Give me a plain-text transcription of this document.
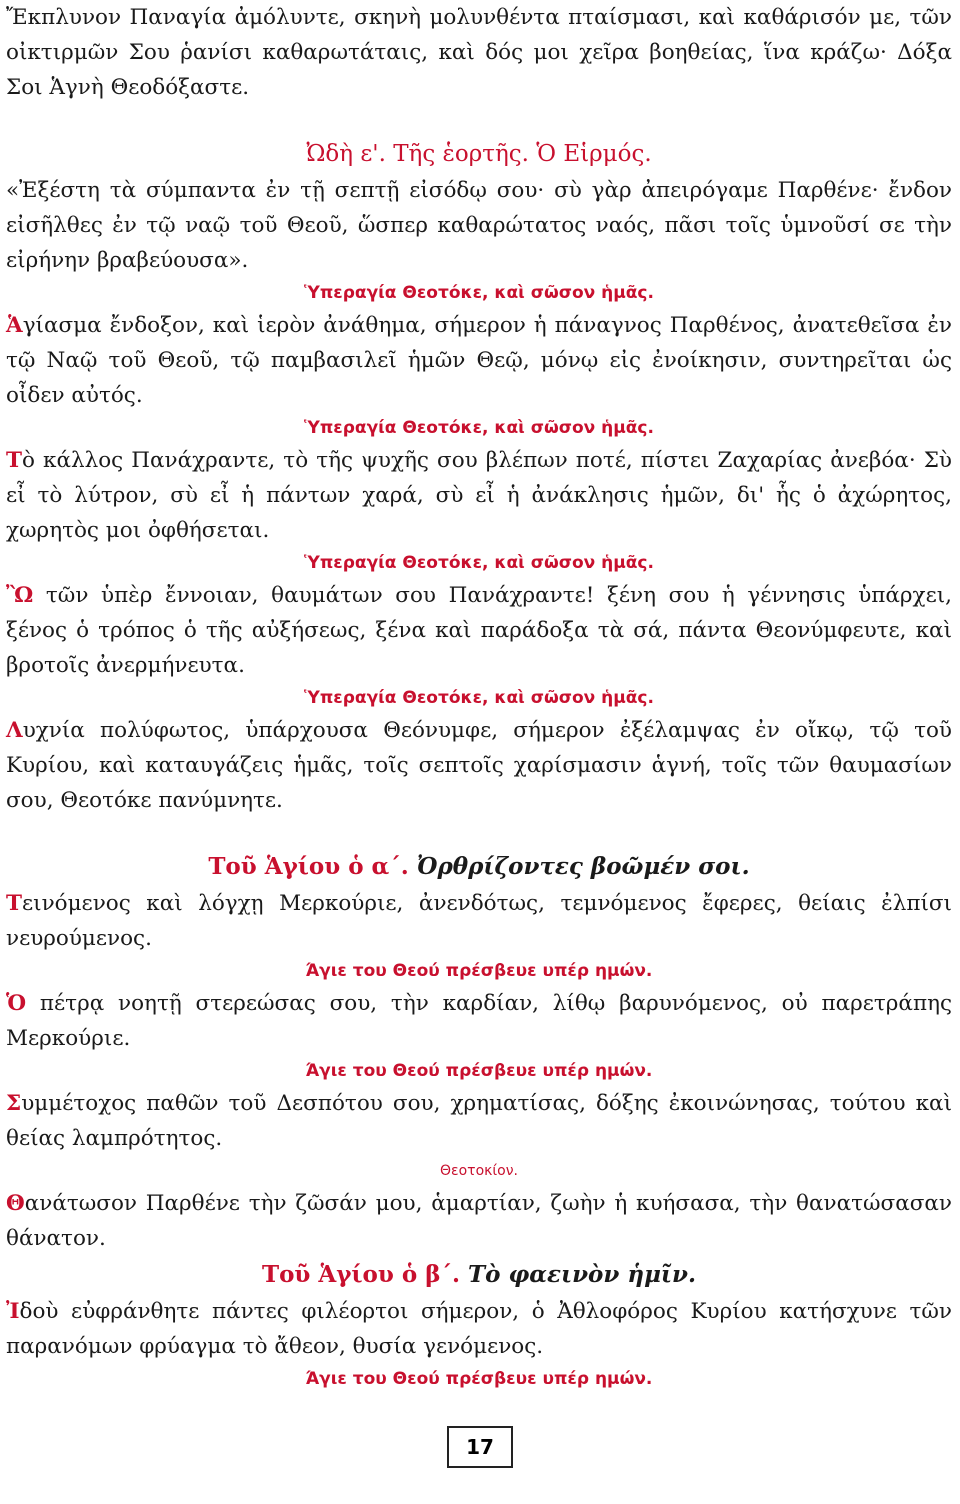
Ἔκπλυνον Παναγία ἀμόλυντε, σκηνὴ μολυνθέντα πταίσμασι, καὶ καθάρισόν με, τῶν οἰκτιρμῶν Σου ῥανίσι καθαρωτάταις, καὶ δός μοι χεῖρα βοηθείας, ἵνα κράζω· Δόξα Σοι Ἁγνὴ Θεοδόξαστε.

Ὠδὴ ε'. Τῆς ἑορτῆς. Ὁ Εἱρμός.

«Ἐξέστη τὰ σύμπαντα ἐν τῇ σεπτῇ εἰσόδῳ σου· σὺ γὰρ ἀπειρόγαμε Παρθένε· ἔνδον εἰσῆλθες ἐν τῷ ναῷ τοῦ Θεοῦ, ὥσπερ καθαρώτατος ναός, πᾶσι τοῖς ὑμνοῦσί σε τὴν εἰρήνην βραβεύουσα».

Ὑπεραγία Θεοτόκε, καὶ σῶσον ἡμᾶς.

Ἁγίασμα ἔνδοξον, καὶ ἱερὸν ἀνάθημα, σήμερον ἡ πάναγνος Παρθένος, ἀνατεθεῖσα ἐν τῷ Ναῷ τοῦ Θεοῦ, τῷ παμβασιλεῖ ἡμῶν Θεῷ, μόνῳ εἰς ἐνοίκησιν, συντηρεῖται ὡς οἶδεν αὐτός.

Ὑπεραγία Θεοτόκε, καὶ σῶσον ἡμᾶς.

Τὸ κάλλος Πανάχραντε, τὸ τῆς ψυχῆς σου βλέπων ποτέ, πίστει Ζαχαρίας ἀνεβόα· Σὺ εἶ τὸ λύτρον, σὺ εἶ ἡ πάντων χαρά, σὺ εἶ ἡ ἀνάκλησις ἡμῶν, δι' ἧς ὁ ἀχώρητος, χωρητὸς μοι ὀφθήσεται.

Ὑπεραγία Θεοτόκε, καὶ σῶσον ἡμᾶς.

Ὢ τῶν ὑπὲρ ἔννοιαν, θαυμάτων σου Πανάχραντε! ξένη σου ἡ γέννησις ὑπάρχει, ξένος ὁ τρόπος ὁ τῆς αὐξήσεως, ξένα καὶ παράδοξα τὰ σά, πάντα Θεονύμφευτε, καὶ βροτοῖς ἀνερμήνευτα.

Ὑπεραγία Θεοτόκε, καὶ σῶσον ἡμᾶς.

Λυχνία πολύφωτος, ὑπάρχουσα Θεόνυμφε, σήμερον ἐξέλαμψας ἐν οἴκῳ, τῷ τοῦ Κυρίου, καὶ καταυγάζεις ἡμᾶς, τοῖς σεπτοῖς χαρίσμασιν ἁγνή, τοῖς τῶν θαυμασίων σου, Θεοτόκε πανύμνητε.

Τοῦ Ἁγίου ὁ αˊ. Ὀρθρίζοντες βοῶμέν σοι.

Τεινόμενος καὶ λόγχῃ Μερκούριε, ἀνενδότως, τεμνόμενος ἔφερες, θείαις ἐλπίσι νευρούμενος.

Άγιε του Θεού πρέσβευε υπέρ ημών.

Ὁ πέτρᾳ νοητῇ στερεώσας σου, τὴν καρδίαν, λίθῳ βαρυνόμενος, οὐ παρετράπης Μερκούριε.

Άγιε του Θεού πρέσβευε υπέρ ημών.

Συμμέτοχος παθῶν τοῦ Δεσπότου σου, χρηματίσας, δόξης ἐκοινώνησας, τούτου καὶ θείας λαμπρότητος.

Θεοτοκίον.

Θανάτωσον Παρθένε τὴν ζῶσάν μου, ἁμαρτίαν, ζωὴν ἡ κυήσασα, τὴν θανατώσασαν θάνατον.

Τοῦ Ἁγίου ὁ βˊ. Τὸ φαεινὸν ἡμῖν.

Ἰδοὺ εὐφράνθητε πάντες φιλέορτοι σήμερον, ὁ Ἀθλοφόρος Κυρίου κατήσχυνε τῶν παρανόμων φρύαγμα τὸ ἄθεον, θυσία γενόμενος.

Άγιε του Θεού πρέσβευε υπέρ ημών.

17
